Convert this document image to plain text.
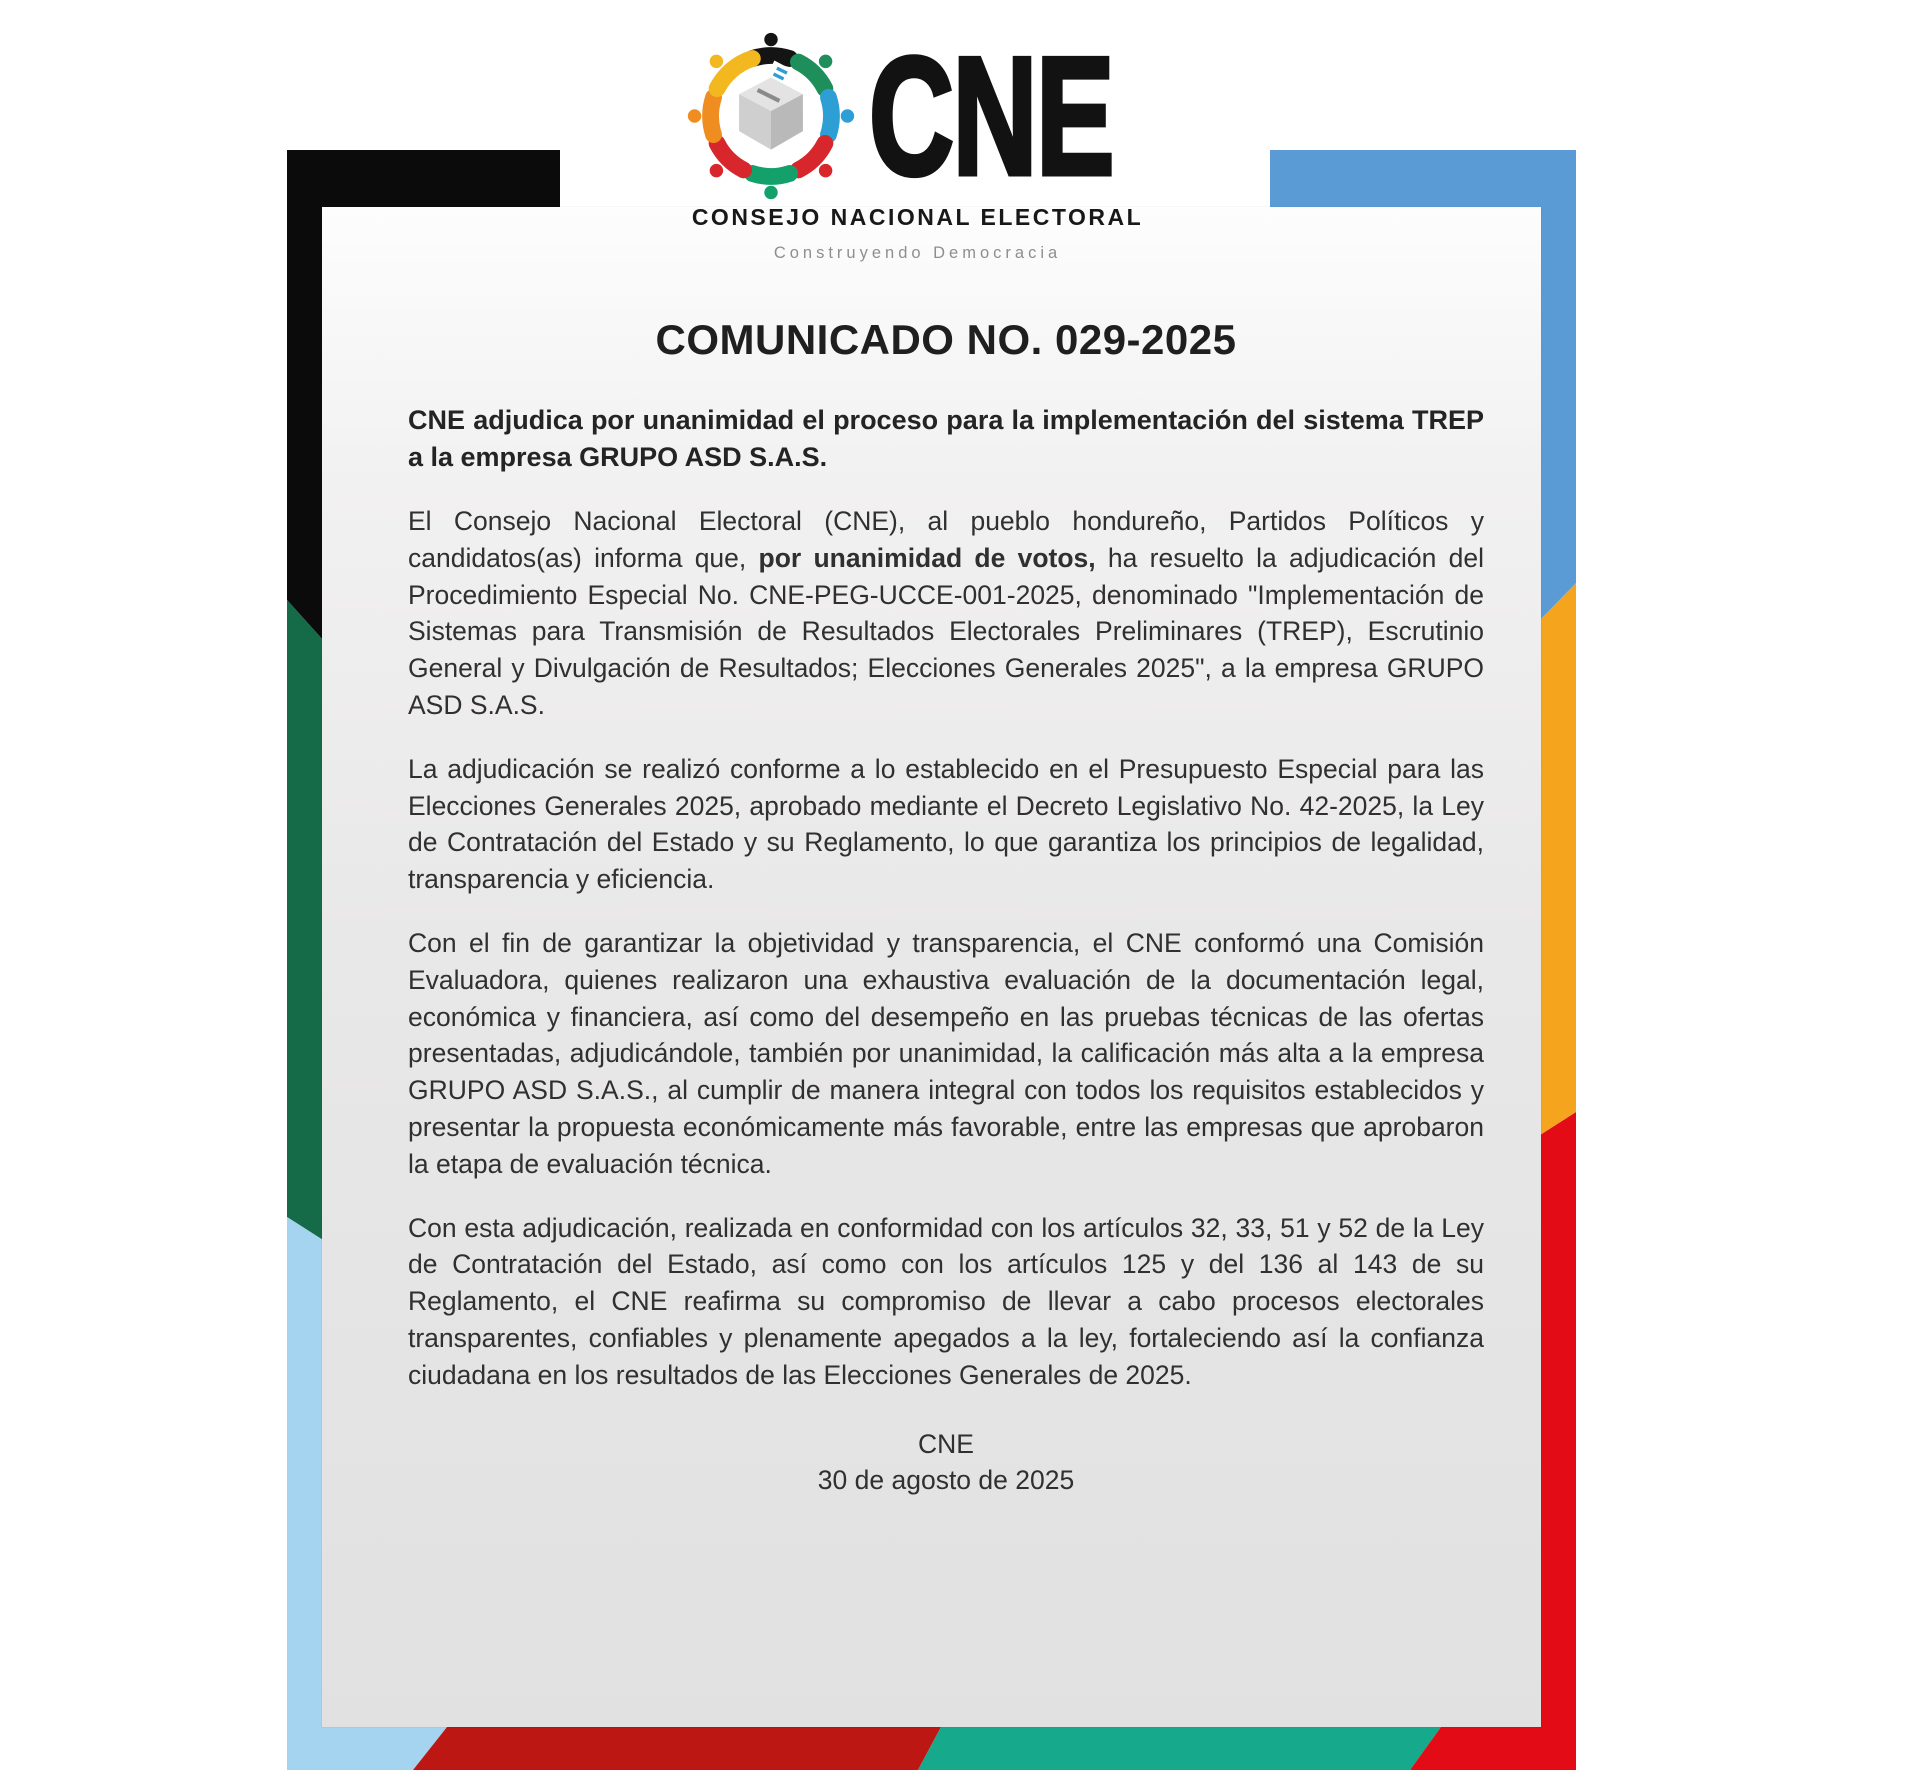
CNE
CONSEJO NACIONAL ELECTORAL
Construyendo Democracia
COMUNICADO NO. 029-2025
CNE adjudica por unanimidad el proceso para la implementación del sistema TREP a la empresa GRUPO ASD S.A.S.

El Consejo Nacional Electoral (CNE), al pueblo hondureño, Partidos Políticos y candidatos(as) informa que, por unanimidad de votos, ha resuelto la adjudicación del Procedimiento Especial No. CNE-PEG-UCCE-001-2025, denominado "Implementación de Sistemas para Transmisión de Resultados Electorales Preliminares (TREP), Escrutinio General y Divulgación de Resultados; Elecciones Generales 2025", a la empresa GRUPO ASD S.A.S.

La adjudicación se realizó conforme a lo establecido en el Presupuesto Especial para las Elecciones Generales 2025, aprobado mediante el Decreto Legislativo No. 42-2025, la Ley de Contratación del Estado y su Reglamento, lo que garantiza los principios de legalidad, transparencia y eficiencia.

Con el fin de garantizar la objetividad y transparencia, el CNE conformó una Comisión Evaluadora, quienes realizaron una exhaustiva evaluación de la documentación legal, económica y financiera, así como del desempeño en las pruebas técnicas de las ofertas presentadas, adjudicándole, también por unanimidad, la calificación más alta a la empresa GRUPO ASD S.A.S., al cumplir de manera integral con todos los requisitos establecidos y presentar la propuesta económicamente más favorable, entre las empresas que aprobaron la etapa de evaluación técnica.

Con esta adjudicación, realizada en conformidad con los artículos 32, 33, 51 y 52 de la Ley de Contratación del Estado, así como con los artículos 125 y del 136 al 143 de su Reglamento, el CNE reafirma su compromiso de llevar a cabo procesos electorales transparentes, confiables y plenamente apegados a la ley, fortaleciendo así la confianza ciudadana en los resultados de las Elecciones Generales de 2025.

CNE
30 de agosto de 2025
